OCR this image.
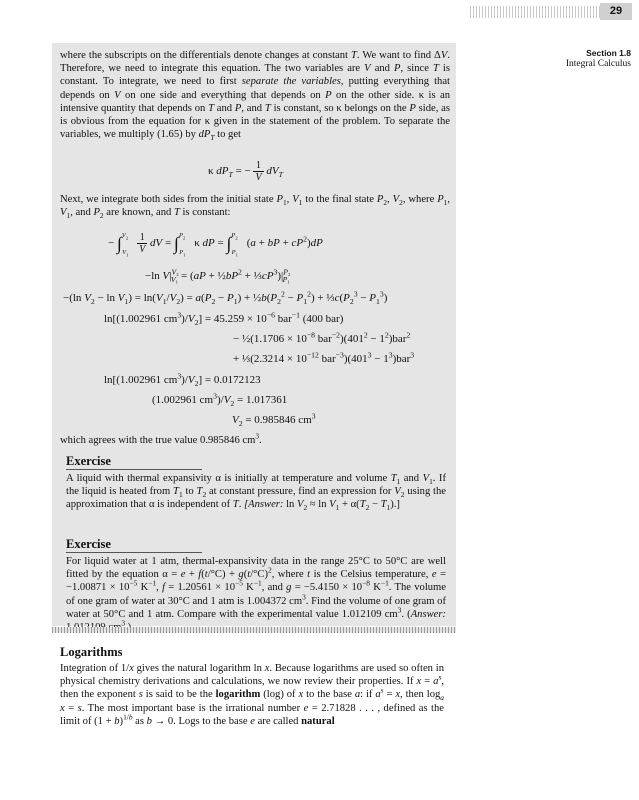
29
Section 1.8
Integral Calculus

where the subscripts on the differentials denote changes at constant T. We want to find ΔV. Therefore, we need to integrate this equation. The two variables are V and P, since T is constant. To integrate, we need to first separate the variables, putting everything that depends on V on one side and everything that depends on P on the other side. κ is an intensive quantity that depends on T and P, and T is constant, so κ belongs on the P side, as is obvious from the equation for κ given in the statement of the problem. To separate the variables, we multiply (1.65) by $dP_T$ to get

κ $dP_T$ = − $\frac{1}{V} dV_T$

Next, we integrate both sides from the initial state $P_1$, $V_1$ to the final state $P_2$, $V_2$, where $P_1$, $V_1$, and $P_2$ are known, and T is constant:

− $\int^{V_2}_{V_1} \frac{1}{V}$ dV = ∫$^{P_2}_{P_1}$ κ dP = ∫$^{P_2}_{P_1}$ (a + bP + $cP^2)dP$
−ln $V|^{V_2}_{V_1} = (aP$ + $\frac{1}{2}bP^2$ + $\frac{1}{3}cP^3)|^{P_2}_{P_1}$
−(ln $V_2 - \ln V_1) = \ln(V_1/V_2) = a(P_2 - P_1)$ + $\frac{1}{2}b(P_2^2 - P_1^2)$ + $\frac{1}{3}c(P_2^3 - P_1^3)$
ln[(1.002961 $cm^3)/V_2] = 45.259 \times 10^{-6}$ bar$^{-1}$ (400 bar)
− ½(1.1706 × $10^{-8}$ $bar^{-2})(401^2 - 1^2)bar^2$
+ ⅓(2.3214 × $10^{-12}$ $bar^{-3})(401^3 - 1^3)bar^3$
ln[(1.002961 $cm^3)/V_2] = 0.0172123$
(1.002961 $cm^3)/V_2 = 1.017361$
$V_2 = 0.985846$ $cm^3$

which agrees with the true value 0.985846 $cm^3$.

Exercise

A liquid with thermal expansivity α is initially at temperature and volume $T_1$ and $V_1$. If the liquid is heated from $T_1$ to $T_2$ at constant pressure, find an expression for $V_2$ using the approximation that α is independent of T. [Answer: $\ln V_2 \approx \ln V_1 + \alpha(T_2 - T_1)$.]

Exercise

For liquid water at 1 atm, thermal-expansivity data in the range 25°C to 50°C are well fitted by the equation $\alpha = e + f(t/^\circ C) + g(t/^\circ C)^2$, where t is the Celsius temperature, $e = -1.00871 \times 10^{-5}$ $K^{-1}$, $f = 1.20561 \times 10^{-5}$ $K^{-1}$, and $g = -5.4150 \times 10^{-8}$ $K^{-1}$. The volume of one gram of water at 30°C and 1 atm is 1.004372 $cm^3$. Find the volume of one gram of water at 50°C and 1 atm. Compare with the experimental value 1.012109 $cm^3$. (Answer:$^3$

Logarithms

Integration of 1/x gives the natural logarithm ln x. Because logarithms are used so often in physical chemistry derivations and calculations, we now review their properties. If $x = a^s$, then the exponent s is said to be the logarithm (log) of x to the base a: if $a^s = x$, then $\log_a x = s$. The most important base is the irrational number e = 2.71828 . . . , defined as the limit of $(1 + b)^{1/b}$ as b → 0. Logs to the base e are called natural
